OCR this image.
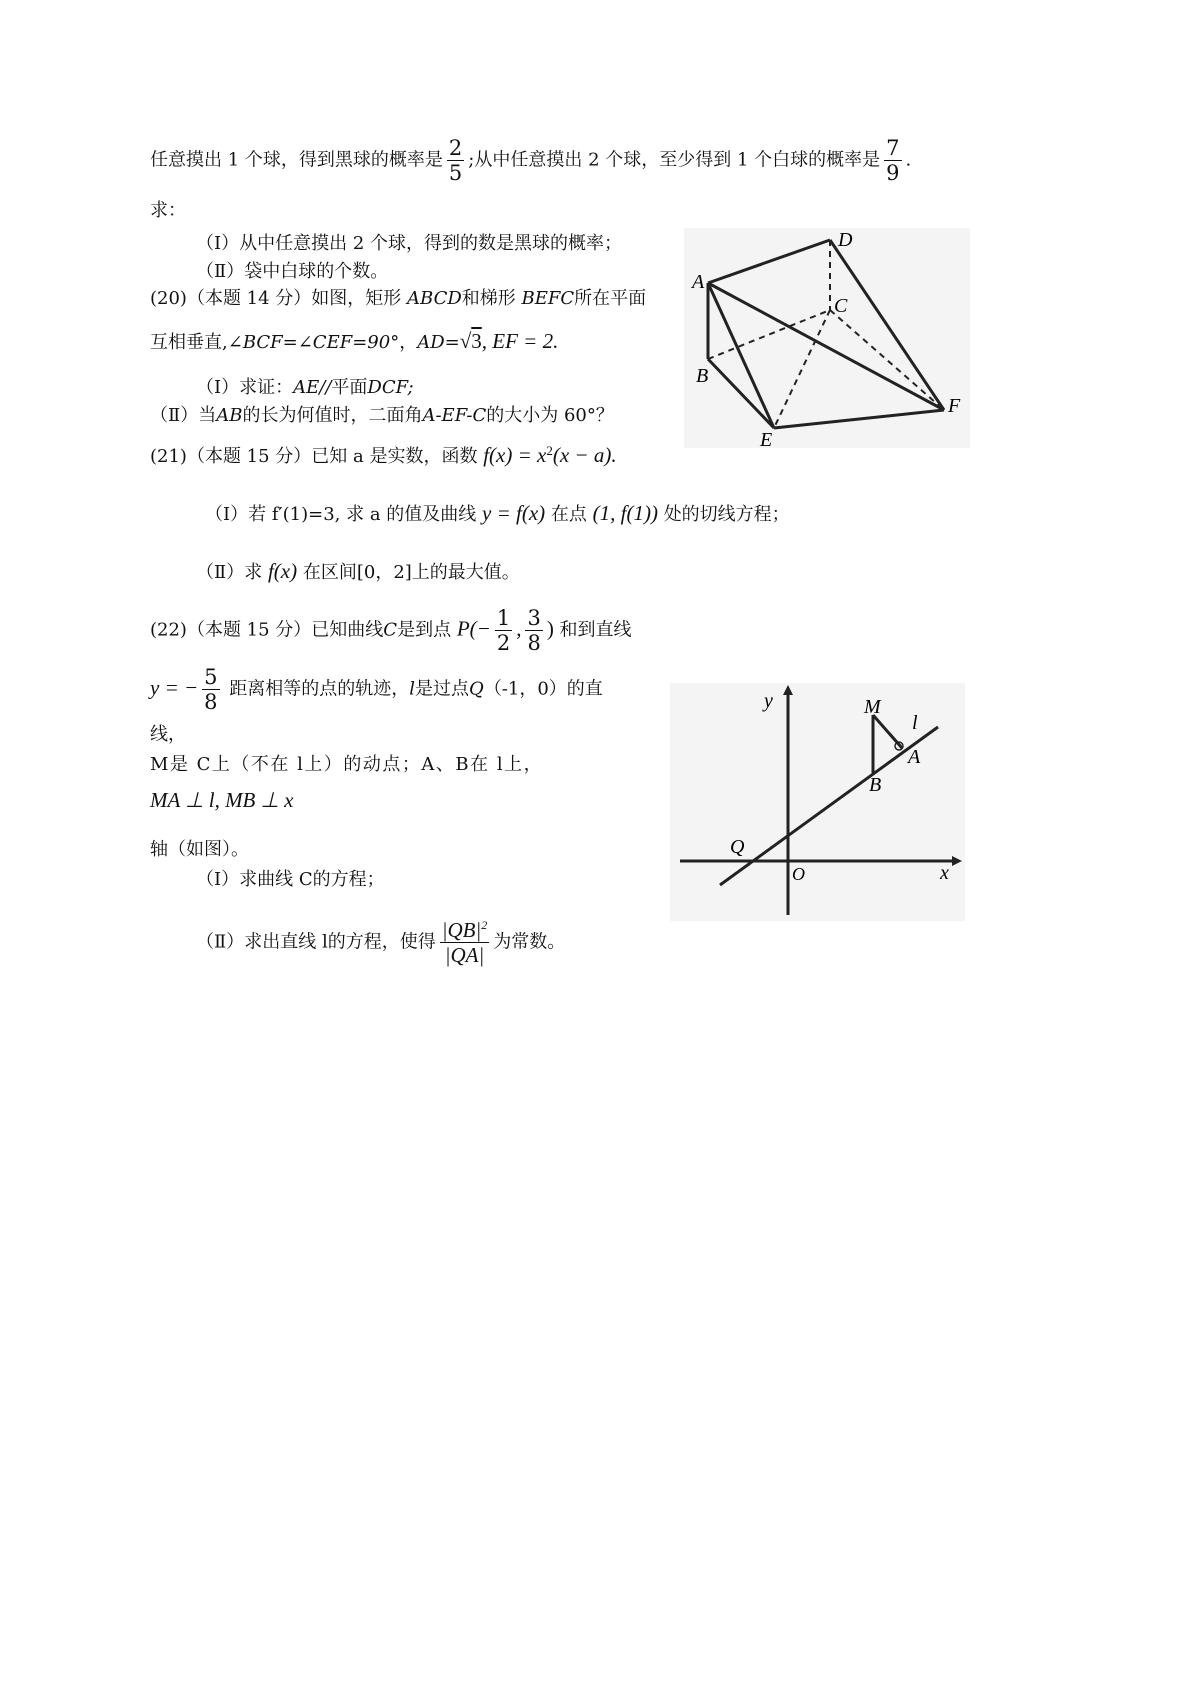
任意摸出 1 个球，得到黑球的概率是 $\frac{2}{5}$ ;从中任意摸出 2 个球，至少得到 1 个白球的概率是 $\frac{7}{9}$ .
求：
（Ⅰ）从中任意摸出 2 个球，得到的数是黑球的概率；
（Ⅱ）袋中白球的个数。
(20)（本题 14 分）如图，矩形 ABCD和梯形 BEFC所在平面
互相垂直,∠BCF=∠CEF=90°，AD=√3, EF = 2.
（Ⅰ）求证：AE//平面DCF;
（Ⅱ）当AB的长为何值时，二面角A-EF-C的大小为 60°？
A
B
C
D
E
F
(21)（本题 15 分）已知 a 是实数，函数 $f(x) = x^2(x - a)$.
（Ⅰ）若 f′(1)=3, 求 a 的值及曲线 y = f(x) 在点 (1, f(1)) 处的切线方程；
（Ⅱ）求 f(x) 在区间[0，2]上的最大值。
(22)（本题 15 分）已知曲线C是到点 $P(- \frac{1}{2}$ , $\frac{3}{8}$ ) 和到直线
y = − $\frac{5}{8}$ 距离相等的点的轨迹，l是过点Q（-1，0）的直
线，
M是 C上（不在 l上）的动点；A、B在 l上，
MA ⊥ l, MB ⊥ x
轴（如图）。
（Ⅰ）求曲线 C的方程；
（Ⅱ）求出直线 l的方程，使得 $\frac{|QB|^2}{|QA|}$ 为常数。
y
x
O
Q
M
A
B
l
